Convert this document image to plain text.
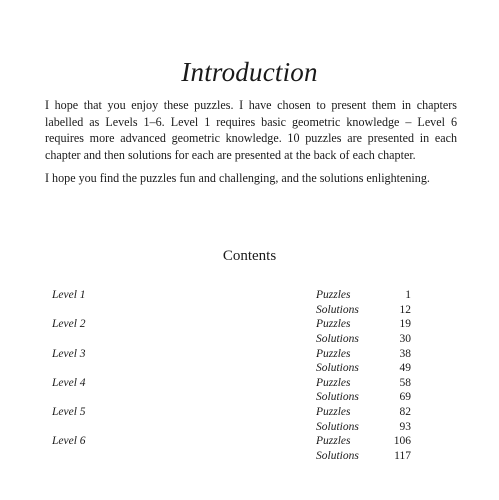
Introduction

I hope that you enjoy these puzzles. I have chosen to present them in chapters labelled as Levels 1–6. Level 1 requires basic geometric knowledge – Level 6 requires more advanced geometric knowledge. 10 puzzles are presented in each chapter and then solutions for each are presented at the back of each chapter.

I hope you find the puzzles fun and challenging, and the solutions enlightening.

Contents
Level 1	Puzzles	1
Solutions	12
Level 2	Puzzles	19
Solutions	30
Level 3	Puzzles	38
Solutions	49
Level 4	Puzzles	58
Solutions	69
Level 5	Puzzles	82
Solutions	93
Level 6	Puzzles	106
Solutions	117
